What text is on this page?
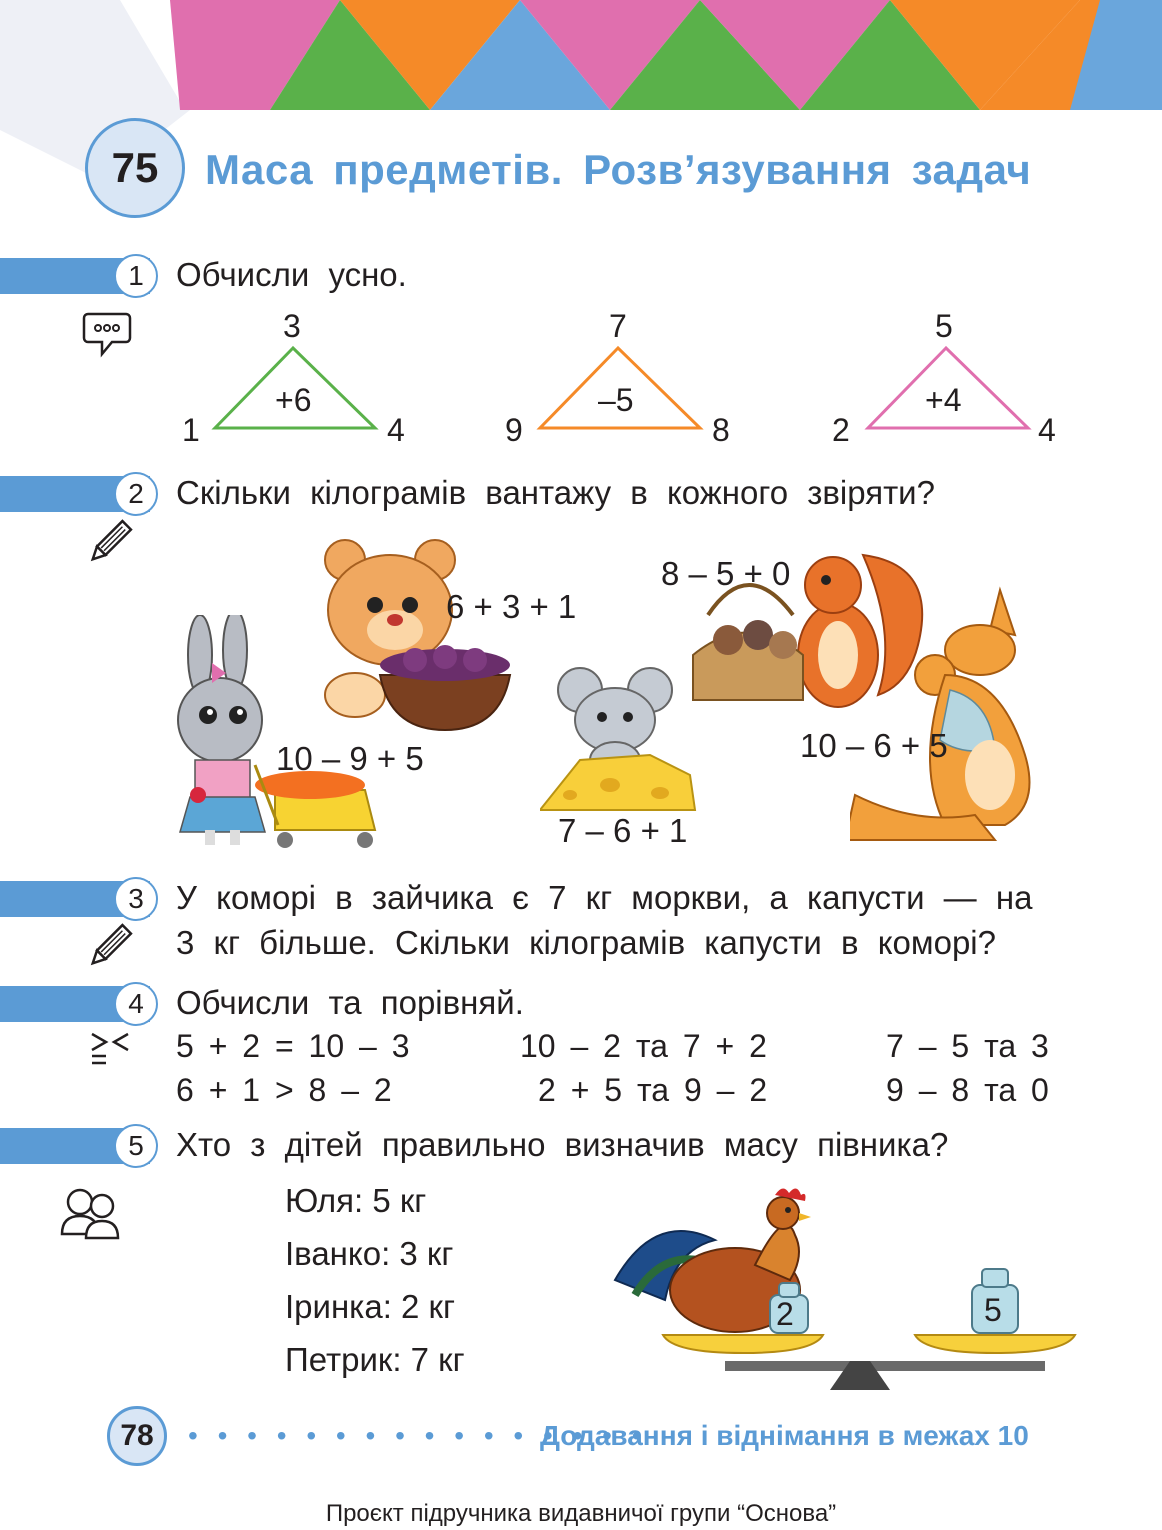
75	Маса предметів. Розв’язування задач
1 Обчисли усно.
3
1	4
+6
7
9	8
–5
5
2	4
+4
2 Скільки кілограмів вантажу в кожного звіряти?
10 – 9 + 5
6 + 3 + 1
7 – 6 + 1
8 – 5 + 0
10 – 6 + 5
3 У коморі в зайчика є 7 кг моркви, а капусти — на
3 кг більше. Скільки кілограмів капусти в коморі?
4 Обчисли та порівняй.
5 + 2 = 10 – 3	10 – 2 та 7 + 2	7 – 5 та 3
6 + 1 > 8 – 2	2 + 5 та 9 – 2	9 – 8 та 0
5 Хто з дітей правильно визначив масу півника?
Юля: 5 кг
Іванко: 3 кг
Іринка: 2 кг
Петрик: 7 кг
2	5
78	• • • • • • • • • • • • • • • •
Додавання і віднімання в межах 10
Проєкт підручника видавничої групи “Основа”
